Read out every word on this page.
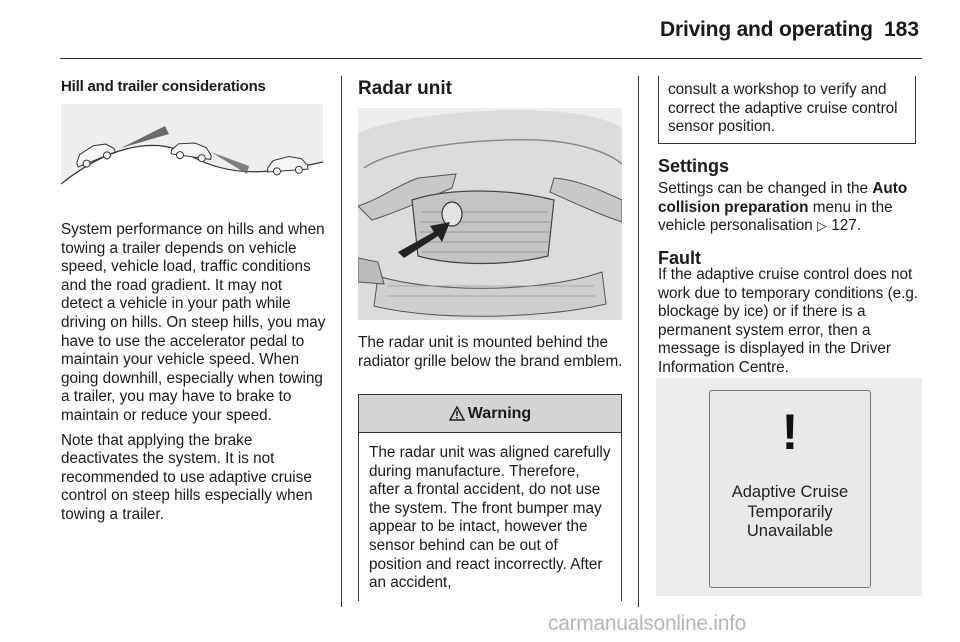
Driving and operating 183
Hill and trailer considerations

System performance on hills and when towing a trailer depends on vehicle speed, vehicle load, traffic conditions and the road gradient. It may not detect a vehicle in your path while driving on hills. On steep hills, you may have to use the accelerator pedal to maintain your vehicle speed. When going downhill, especially when towing a trailer, you may have to brake to maintain or reduce your speed.

Note that applying the brake deactivates the system. It is not recommended to use adaptive cruise control on steep hills especially when towing a trailer.

Radar unit

The radar unit is mounted behind the radiator grille below the brand emblem.

Warning
The radar unit was aligned carefully during manufacture. Therefore, after a frontal accident, do not use the system. The front bumper may appear to be intact, however the sensor behind can be out of position and react incorrectly. After an accident,
consult a workshop to verify and correct the adaptive cruise control sensor position.
Settings

Settings can be changed in the Auto collision preparation menu in the vehicle personalisation ▷ 127.

Fault

If the adaptive cruise control does not work due to temporary conditions (e.g. blockage by ice) or if there is a permanent system error, then a message is displayed in the Driver Information Centre.

!
Adaptive Cruise
Temporarily
Unavailable
carmanualsonline.info
